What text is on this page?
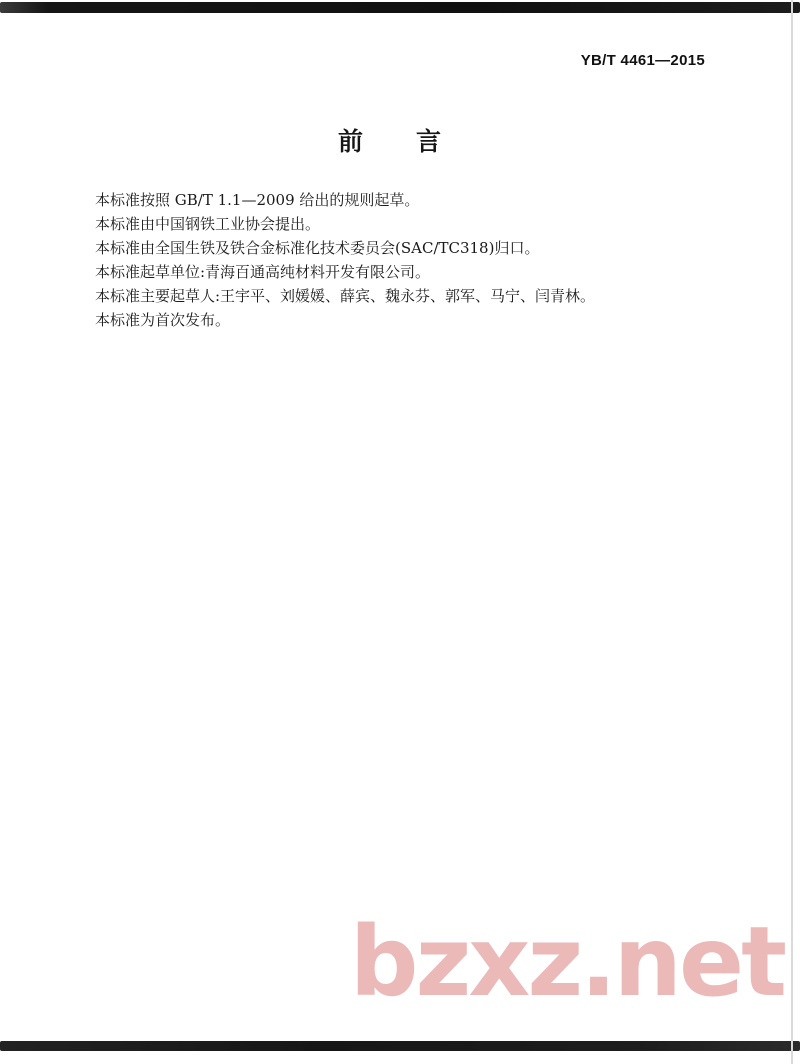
YB/T 4461—2015
前　　言

本标准按照 GB/T 1.1—2009 给出的规则起草。

本标准由中国钢铁工业协会提出。

本标准由全国生铁及铁合金标准化技术委员会(SAC/TC318)归口。

本标准起草单位:青海百通高纯材料开发有限公司。

本标准主要起草人:王宇平、刘媛媛、薛宾、魏永芬、郭军、马宁、闫青林。

本标准为首次发布。

bzxz.net
